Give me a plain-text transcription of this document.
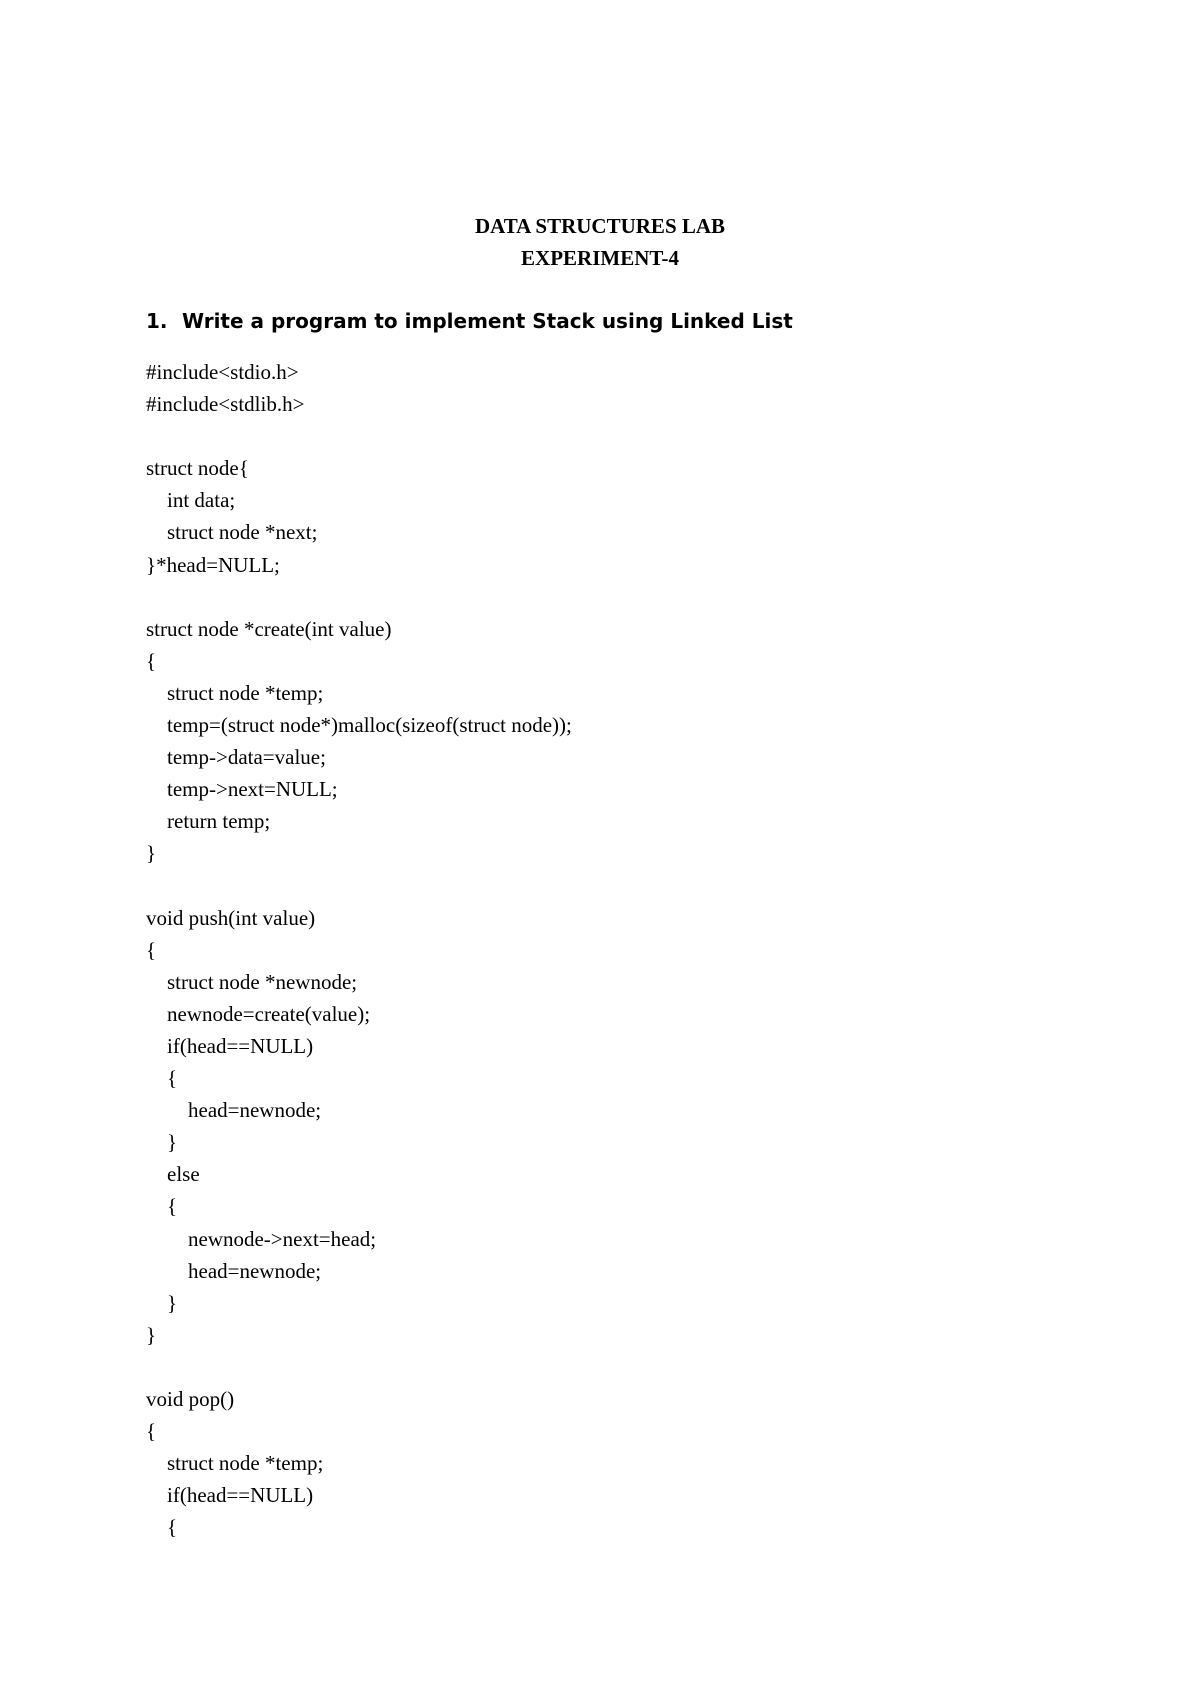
DATA STRUCTURES LAB
EXPERIMENT-4
1. Write a program to implement Stack using Linked List
#include<stdio.h>
#include<stdlib.h>
struct node{
int data;
struct node *next;
}*head=NULL;
struct node *create(int value)
{
struct node *temp;
temp=(struct node*)malloc(sizeof(struct node));
temp->data=value;
temp->next=NULL;
return temp;
}
void push(int value)
{
struct node *newnode;
newnode=create(value);
if(head==NULL)
{
head=newnode;
}
else
{
newnode->next=head;
head=newnode;
}
}
void pop()
{
struct node *temp;
if(head==NULL)
{
